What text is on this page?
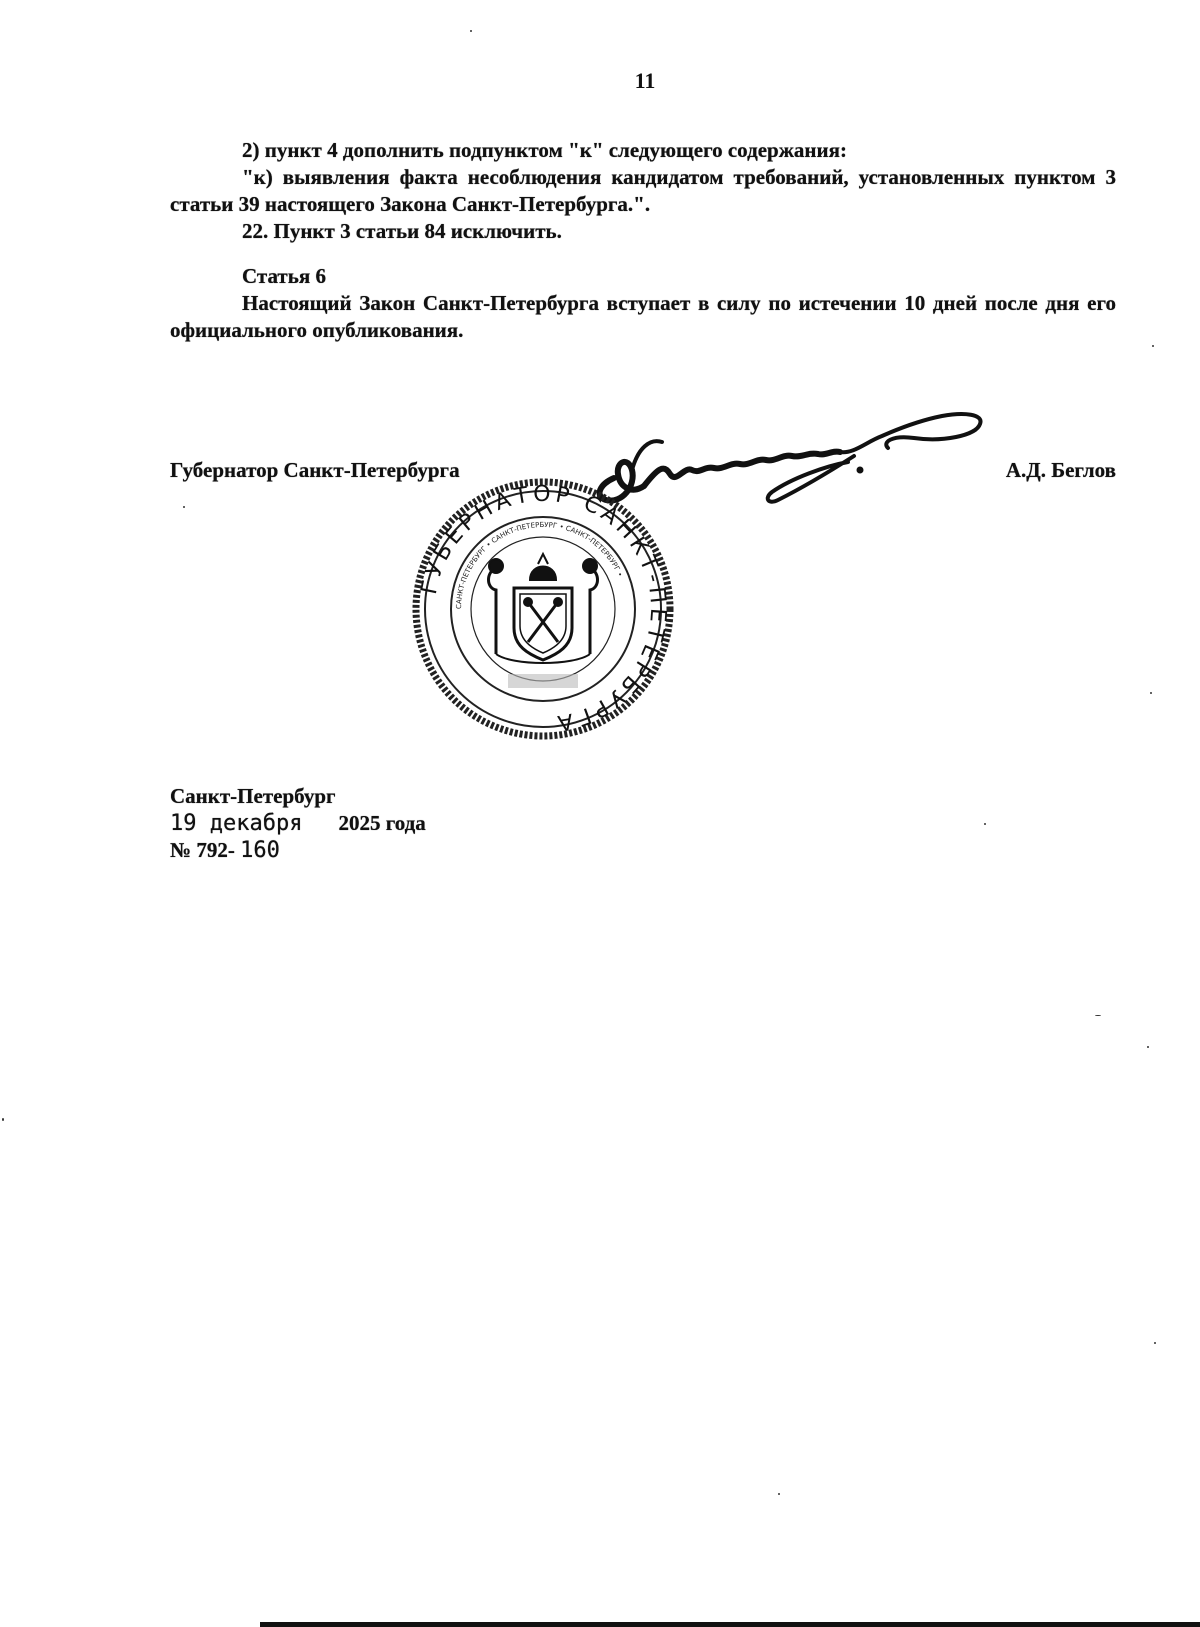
11

2) пункт 4 дополнить подпунктом "к" следующего содержания:

"к) выявления факта несоблюдения кандидатом требований, установленных пунктом 3 статьи 39 настоящего Закона Санкт-Петербурга.".

22. Пункт 3 статьи 84 исключить.

Статья 6

Настоящий Закон Санкт-Петербурга вступает в силу по истечении 10 дней после дня его официального опубликования.

Губернатор Санкт-Петербурга	А.Д. Беглов
ГУБЕРНАТОР САНКТ-ПЕТЕРБУРГА
САНКТ-ПЕТЕРБУРГ • САНКТ-ПЕТЕРБУРГ • САНКТ-ПЕТЕРБУРГ •
Санкт-Петербург
19 декабря 2025 года
№ 792- 160
